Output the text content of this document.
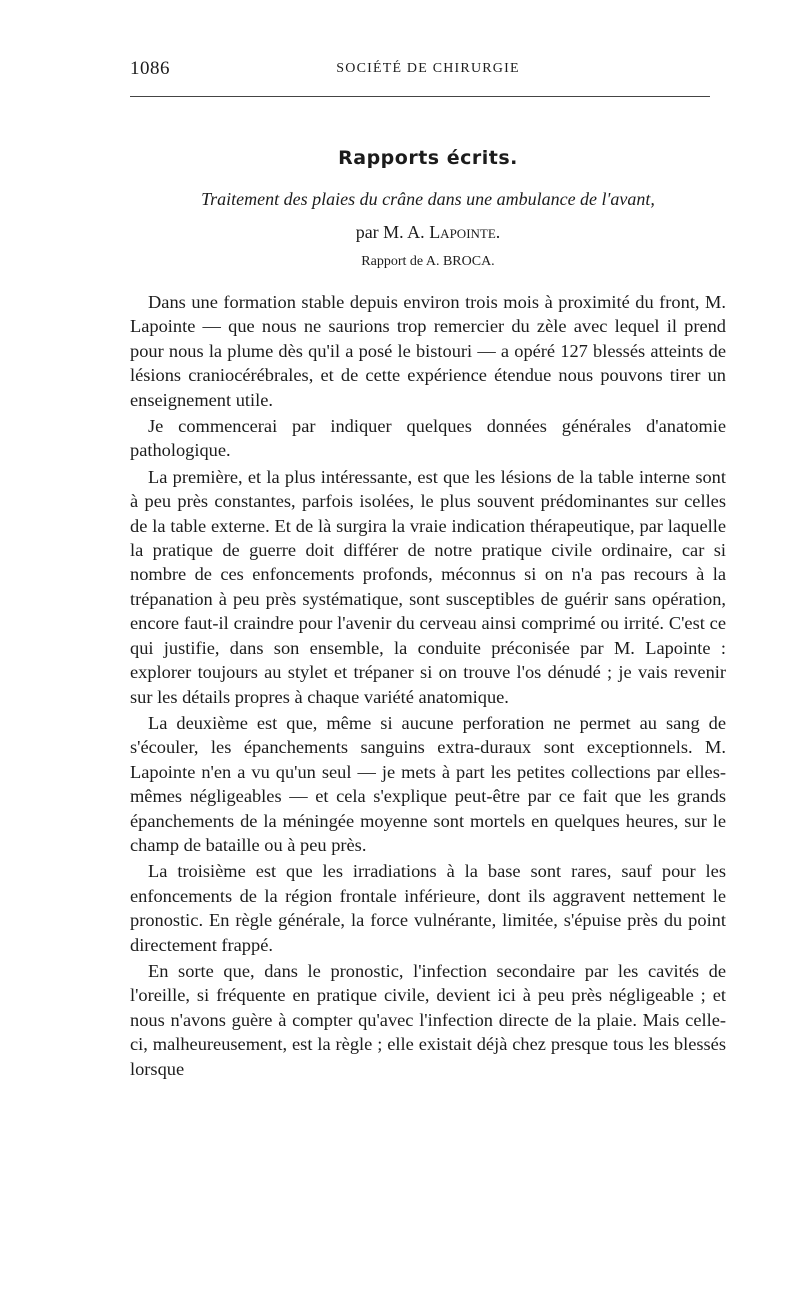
1086	SOCIÉTÉ DE CHIRURGIE
Rapports écrits.
Traitement des plaies du crâne dans une ambulance de l'avant,
par M. A. Lapointe.
Rapport de A. BROCA.

Dans une formation stable depuis environ trois mois à proximité du front, M. Lapointe — que nous ne saurions trop remercier du zèle avec lequel il prend pour nous la plume dès qu'il a posé le bistouri — a opéré 127 blessés atteints de lésions craniocérébrales, et de cette expérience étendue nous pouvons tirer un enseignement utile.

Je commencerai par indiquer quelques données générales d'anatomie pathologique.

La première, et la plus intéressante, est que les lésions de la table interne sont à peu près constantes, parfois isolées, le plus souvent prédominantes sur celles de la table externe. Et de là surgira la vraie indication thérapeutique, par laquelle la pratique de guerre doit différer de notre pratique civile ordinaire, car si nombre de ces enfoncements profonds, méconnus si on n'a pas recours à la trépanation à peu près systématique, sont susceptibles de guérir sans opération, encore faut-il craindre pour l'avenir du cerveau ainsi comprimé ou irrité. C'est ce qui justifie, dans son ensemble, la conduite préconisée par M. Lapointe : explorer toujours au stylet et trépaner si on trouve l'os dénudé ; je vais revenir sur les détails propres à chaque variété anatomique.

La deuxième est que, même si aucune perforation ne permet au sang de s'écouler, les épanchements sanguins extra-duraux sont exceptionnels. M. Lapointe n'en a vu qu'un seul — je mets à part les petites collections par elles-mêmes négligeables — et cela s'explique peut-être par ce fait que les grands épanchements de la méningée moyenne sont mortels en quelques heures, sur le champ de bataille ou à peu près.

La troisième est que les irradiations à la base sont rares, sauf pour les enfoncements de la région frontale inférieure, dont ils aggravent nettement le pronostic. En règle générale, la force vulnérante, limitée, s'épuise près du point directement frappé.

En sorte que, dans le pronostic, l'infection secondaire par les cavités de l'oreille, si fréquente en pratique civile, devient ici à peu près négligeable ; et nous n'avons guère à compter qu'avec l'infection directe de la plaie. Mais celle-ci, malheureusement, est la règle ; elle existait déjà chez presque tous les blessés lorsque
